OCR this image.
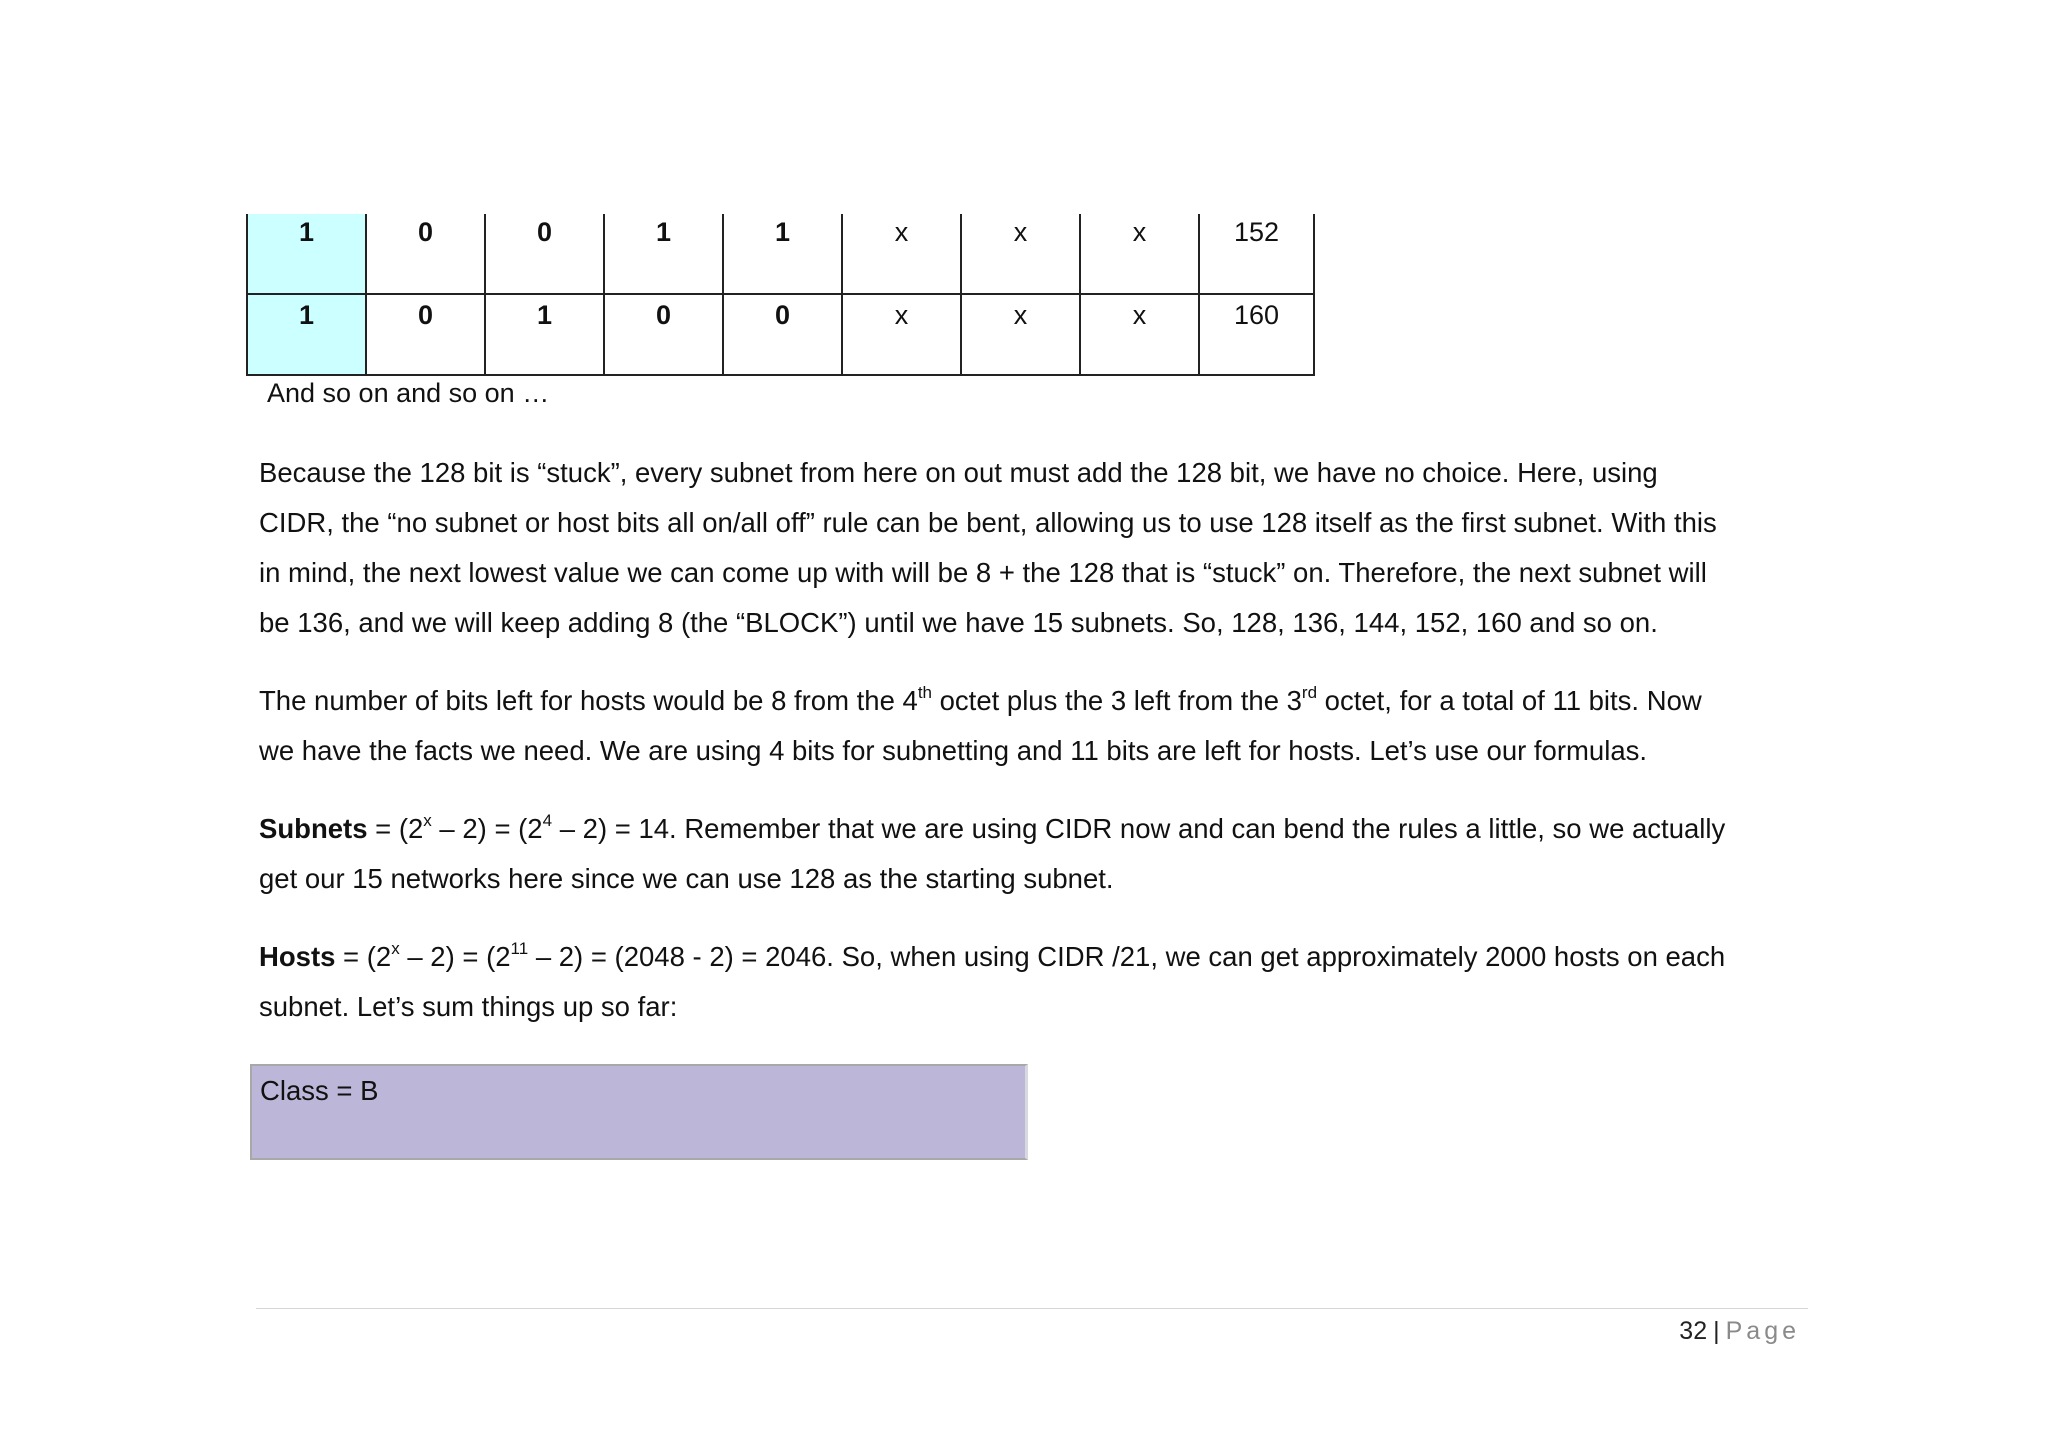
1	0	0	1	1	x	x	x	152

1	0	1	0	0	x	x	x	160
And so on and so on …
Because the 128 bit is “stuck”, every subnet from here on out must add the 128 bit, we have no choice. Here, using
CIDR, the “no subnet or host bits all on/all off” rule can be bent, allowing us to use 128 itself as the first subnet. With this
in mind, the next lowest value we can come up with will be 8 + the 128 that is “stuck” on. Therefore, the next subnet will
be 136, and we will keep adding 8 (the “BLOCK”) until we have 15 subnets. So, 128, 136, 144, 152, 160 and so on.
The number of bits left for hosts would be 8 from the 4th octet plus the 3 left from the 3rd octet, for a total of 11 bits. Now
we have the facts we need. We are using 4 bits for subnetting and 11 bits are left for hosts. Let’s use our formulas.
Subnets = $(2^x - 2) = (2^4 - 2) = 14$. Remember that we are using CIDR now and can bend the rules a little, so we actually
get our 15 networks here since we can use 128 as the starting subnet.
Hosts = $(2^x - 2) = (2^{11} - 2) = (2048 - 2) = 2046$. So, when using CIDR /21, we can get approximately 2000 hosts on each
subnet. Let’s sum things up so far:
Class = B
32 | Page
